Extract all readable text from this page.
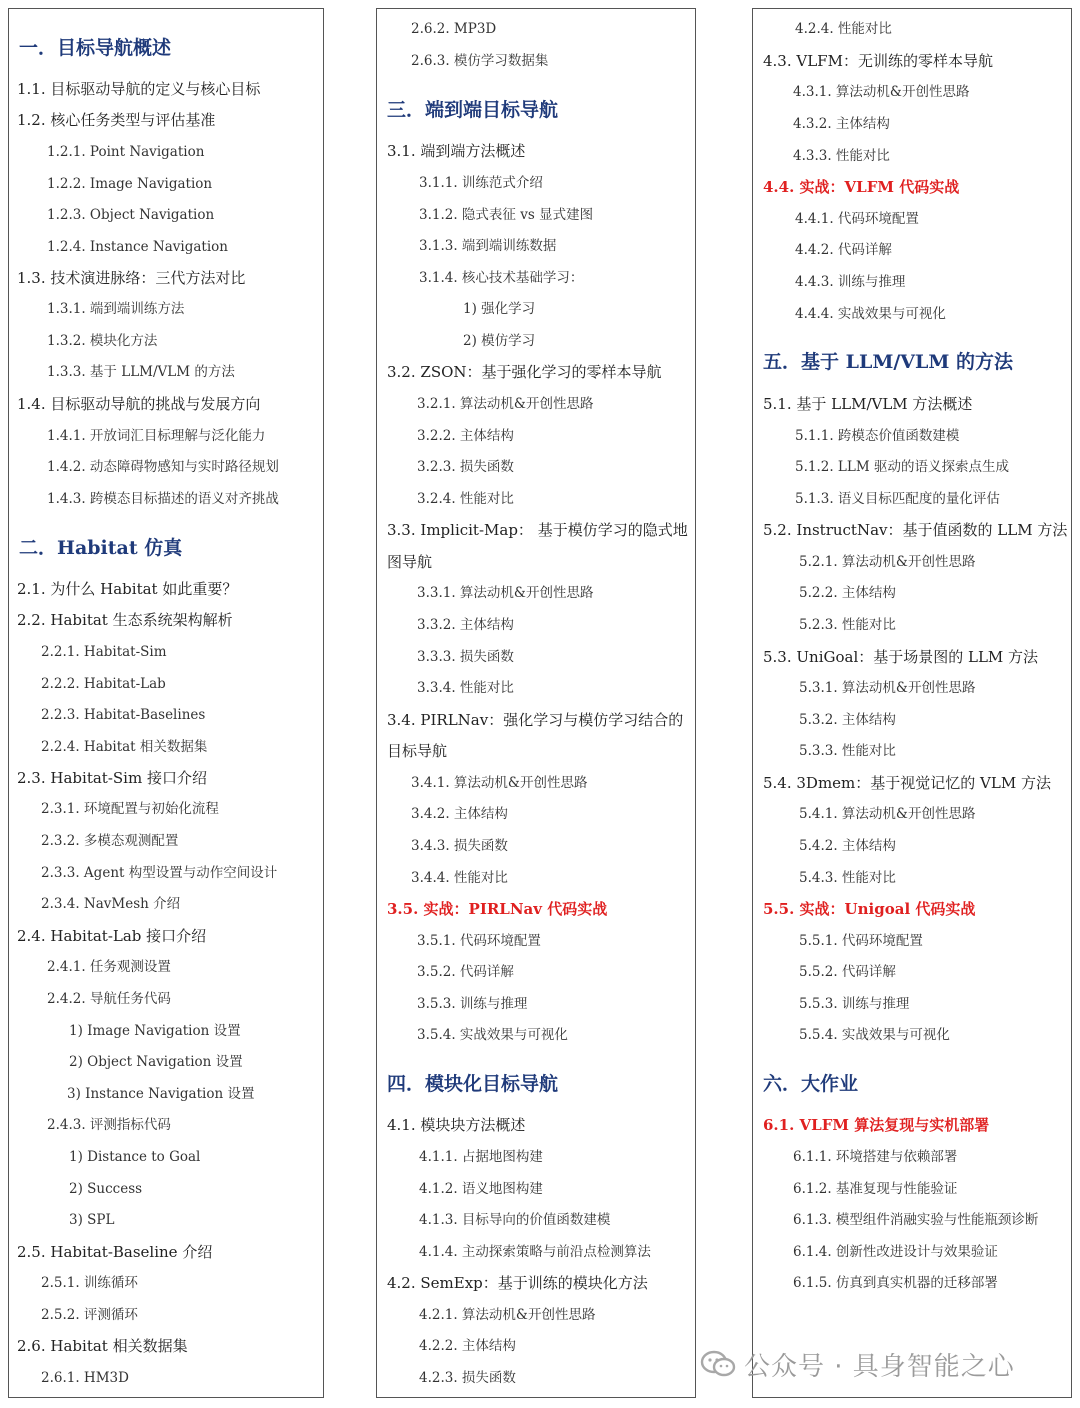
一．目标导航概述
1.1. 目标驱动导航的定义与核心目标
1.2. 核心任务类型与评估基准
1.2.1. Point Navigation
1.2.2. Image Navigation
1.2.3. Object Navigation
1.2.4. Instance Navigation
1.3. 技术演进脉络：三代方法对比
1.3.1. 端到端训练方法
1.3.2. 模块化方法
1.3.3. 基于 LLM/VLM 的方法
1.4. 目标驱动导航的挑战与发展方向
1.4.1. 开放词汇目标理解与泛化能力
1.4.2. 动态障碍物感知与实时路径规划
1.4.3. 跨模态目标描述的语义对齐挑战
二．Habitat 仿真
2.1. 为什么 Habitat 如此重要？
2.2. Habitat 生态系统架构解析
2.2.1. Habitat-Sim
2.2.2. Habitat-Lab
2.2.3. Habitat-Baselines
2.2.4. Habitat 相关数据集
2.3. Habitat-Sim 接口介绍
2.3.1. 环境配置与初始化流程
2.3.2. 多模态观测配置
2.3.3. Agent 构型设置与动作空间设计
2.3.4. NavMesh 介绍
2.4. Habitat-Lab 接口介绍
2.4.1. 任务观测设置
2.4.2. 导航任务代码
1) Image Navigation 设置
2) Object Navigation 设置
3) Instance Navigation 设置
2.4.3. 评测指标代码
1) Distance to Goal
2) Success
3) SPL
2.5. Habitat-Baseline 介绍
2.5.1. 训练循环
2.5.2. 评测循环
2.6. Habitat 相关数据集
2.6.1. HM3D
2.6.2. MP3D
2.6.3. 模仿学习数据集
三．端到端目标导航
3.1. 端到端方法概述
3.1.1. 训练范式介绍
3.1.2. 隐式表征 vs 显式建图
3.1.3. 端到端训练数据
3.1.4. 核心技术基础学习：
1) 强化学习
2) 模仿学习
3.2. ZSON：基于强化学习的零样本导航
3.2.1. 算法动机&开创性思路
3.2.2. 主体结构
3.2.3. 损失函数
3.2.4. 性能对比
3.3. Implicit-Map： 基于模仿学习的隐式地
图导航
3.3.1. 算法动机&开创性思路
3.3.2. 主体结构
3.3.3. 损失函数
3.3.4. 性能对比
3.4. PIRLNav：强化学习与模仿学习结合的
目标导航
3.4.1. 算法动机&开创性思路
3.4.2. 主体结构
3.4.3. 损失函数
3.4.4. 性能对比
3.5. 实战：PIRLNav 代码实战
3.5.1. 代码环境配置
3.5.2. 代码详解
3.5.3. 训练与推理
3.5.4. 实战效果与可视化
四．模块化目标导航
4.1. 模块块方法概述
4.1.1. 占据地图构建
4.1.2. 语义地图构建
4.1.3. 目标导向的价值函数建模
4.1.4. 主动探索策略与前沿点检测算法
4.2. SemExp：基于训练的模块化方法
4.2.1. 算法动机&开创性思路
4.2.2. 主体结构
4.2.3. 损失函数
4.2.4. 性能对比
4.3. VLFM：无训练的零样本导航
4.3.1. 算法动机&开创性思路
4.3.2. 主体结构
4.3.3. 性能对比
4.4. 实战：VLFM 代码实战
4.4.1. 代码环境配置
4.4.2. 代码详解
4.4.3. 训练与推理
4.4.4. 实战效果与可视化
五．基于 LLM/VLM 的方法
5.1. 基于 LLM/VLM 方法概述
5.1.1. 跨模态价值函数建模
5.1.2. LLM 驱动的语义探索点生成
5.1.3. 语义目标匹配度的量化评估
5.2. InstructNav：基于值函数的 LLM 方法
5.2.1. 算法动机&开创性思路
5.2.2. 主体结构
5.2.3. 性能对比
5.3. UniGoal：基于场景图的 LLM 方法
5.3.1. 算法动机&开创性思路
5.3.2. 主体结构
5.3.3. 性能对比
5.4. 3Dmem：基于视觉记忆的 VLM 方法
5.4.1. 算法动机&开创性思路
5.4.2. 主体结构
5.4.3. 性能对比
5.5. 实战：Unigoal 代码实战
5.5.1. 代码环境配置
5.5.2. 代码详解
5.5.3. 训练与推理
5.5.4. 实战效果与可视化
六．大作业
6.1. VLFM 算法复现与实机部署
6.1.1. 环境搭建与依赖部署
6.1.2. 基准复现与性能验证
6.1.3. 模型组件消融实验与性能瓶颈诊断
6.1.4. 创新性改进设计与效果验证
6.1.5. 仿真到真实机器的迁移部署
公众号 · 具身智能之心
